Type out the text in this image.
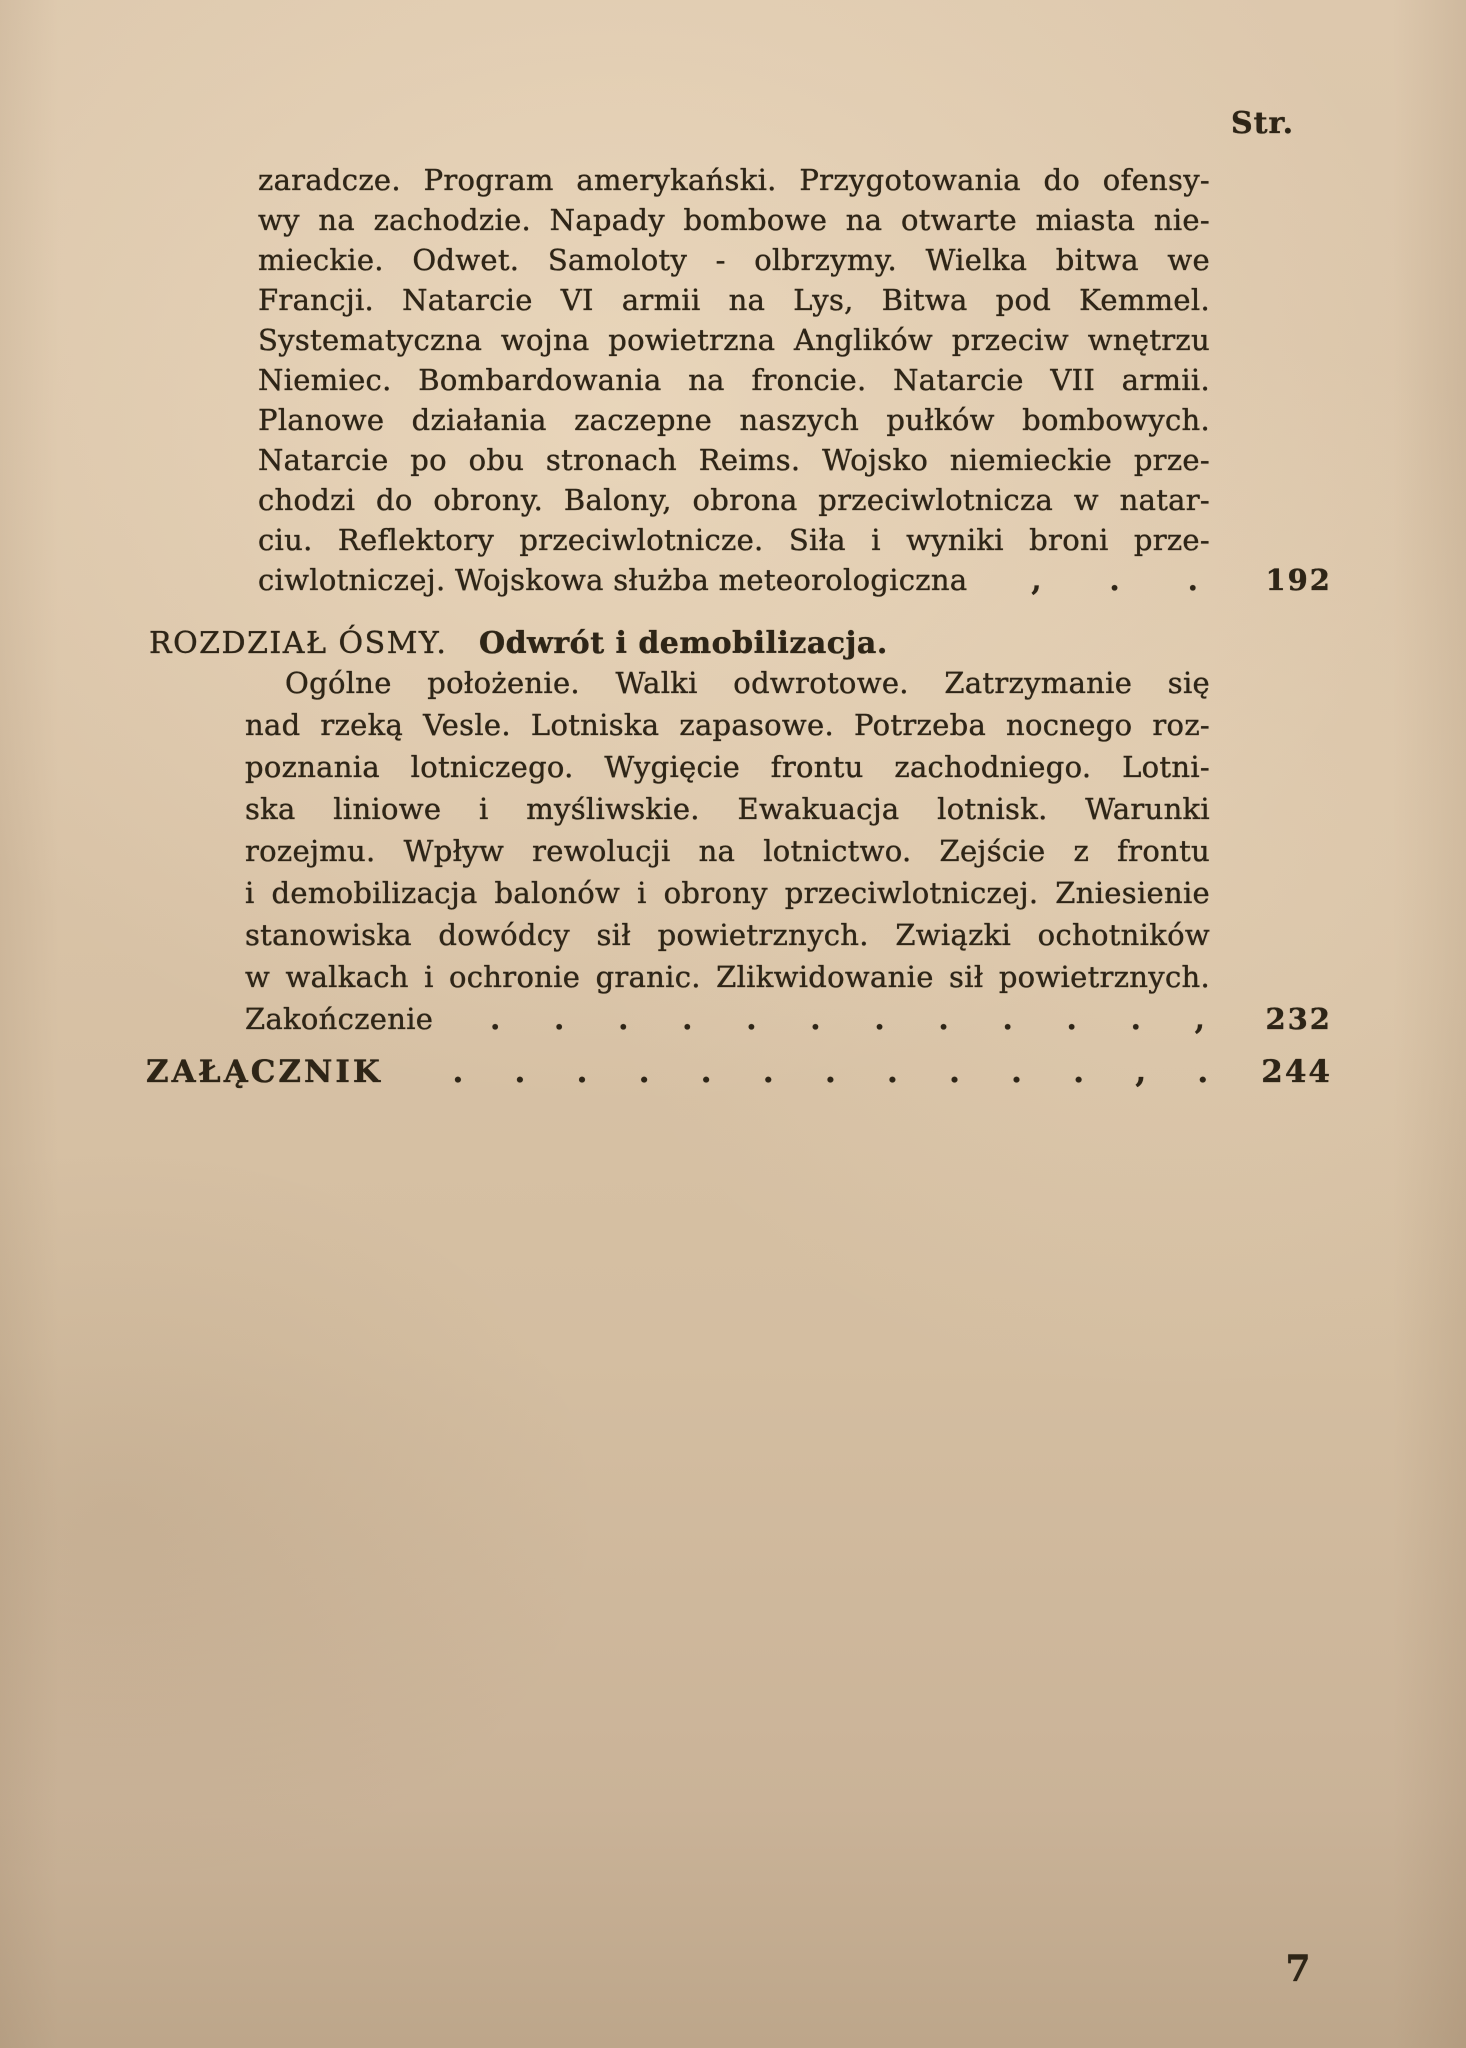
Str.
zaradcze. Program amerykański. Przygotowania do ofensy-
wy na zachodzie. Napady bombowe na otwarte miasta nie-
mieckie. Odwet. Samoloty - olbrzymy. Wielka bitwa we
Francji. Natarcie VI armii na Lys, Bitwa pod Kemmel.
Systematyczna wojna powietrzna Anglików przeciw wnętrzu
Niemiec. Bombardowania na froncie. Natarcie VII armii.
Planowe działania zaczepne naszych pułków bombowych.
Natarcie po obu stronach Reims. Wojsko niemieckie prze-
chodzi do obrony. Balony, obrona przeciwlotnicza w natar-
ciu. Reflektory przeciwlotnicze. Siła i wyniki broni prze-
ciwlotniczej. Wojskowa służba meteorologiczna , . . 192
ROZDZIAŁ ÓSMY. Odwrót i demobilizacja.
Ogólne położenie. Walki odwrotowe. Zatrzymanie się
nad rzeką Vesle. Lotniska zapasowe. Potrzeba nocnego roz-
poznania lotniczego. Wygięcie frontu zachodniego. Lotni-
ska liniowe i myśliwskie. Ewakuacja lotnisk. Warunki
rozejmu. Wpływ rewolucji na lotnictwo. Zejście z frontu
i demobilizacja balonów i obrony przeciwlotniczej. Zniesienie
stanowiska dowódcy sił powietrznych. Związki ochotników
w walkach i ochronie granic. Zlikwidowanie sił powietrznych.
Zakończenie . . . . . . . . . . . , 232
ZAŁĄCZNIK . . . . . . . . . . . , . 244
7
